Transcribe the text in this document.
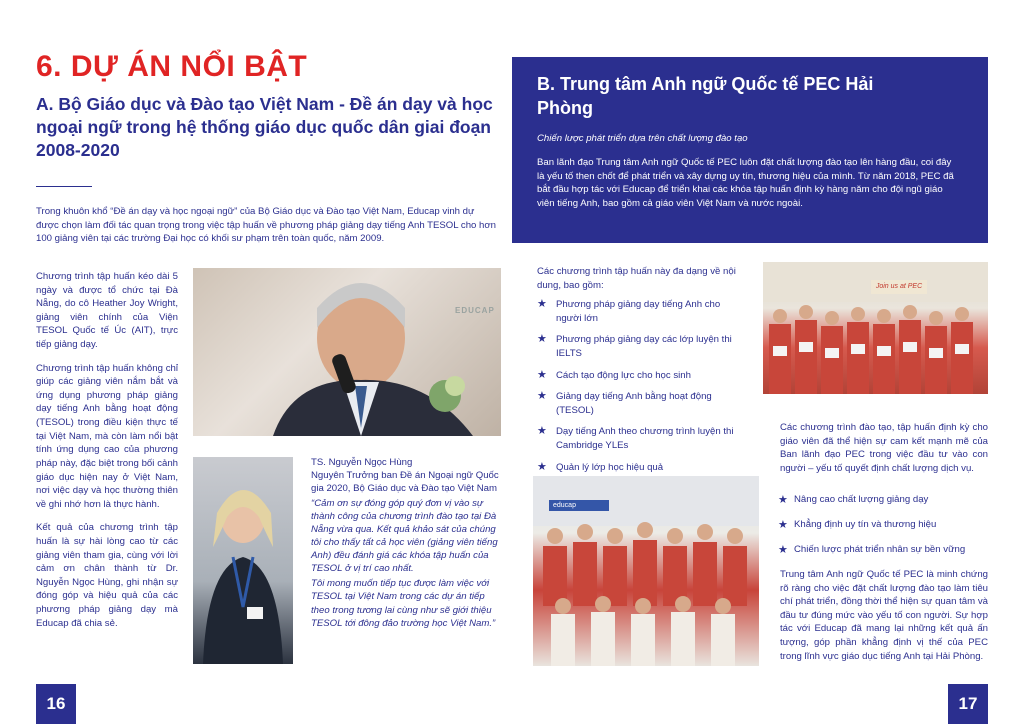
6. DỰ ÁN NỔI BẬT
A. Bộ Giáo dục và Đào tạo Việt Nam - Đề án dạy và học ngoại ngữ trong hệ thống giáo dục quốc dân giai đoạn 2008-2020
Trong khuôn khổ “Đề án dạy và học ngoại ngữ” của Bộ Giáo dục và Đào tạo Việt Nam, Educap vinh dự được chọn làm đối tác quan trọng trong việc tập huấn về phương pháp giảng dạy tiếng Anh TESOL cho hơn 100 giảng viên tại các trường Đại học có khối sư phạm trên toàn quốc, năm 2009.

Chương trình tập huấn kéo dài 5 ngày và được tổ chức tại Đà Nẵng, do cô Heather Joy Wright, giảng viên chính của Viện TESOL Quốc tế Úc (AIT), trực tiếp giảng dạy.

Chương trình tập huấn không chỉ giúp các giảng viên nắm bắt và ứng dụng phương pháp giảng dạy tiếng Anh bằng hoạt động (TESOL) trong điều kiện thực tế tại Việt Nam, mà còn làm nổi bật tính ứng dụng cao của phương pháp này, đặc biệt trong bối cảnh giáo dục hiện nay ở Việt Nam, nơi việc dạy và học thường thiên về ghi nhớ hơn là thực hành.

Kết quả của chương trình tập huấn là sự hài lòng cao từ các giảng viên tham gia, cùng với lời cảm ơn chân thành từ Dr. Nguyễn Ngọc Hùng, ghi nhận sự đóng góp và hiệu quả của các phương pháp giảng dạy mà Educap đã chia sẻ.

EDUCAP
TS. Nguyễn Ngọc Hùng
Nguyên Trưởng ban Đề án Ngoại ngữ Quốc gia 2020, Bộ Giáo dục và Đào tạo Việt Nam
“Cảm ơn sự đóng góp quý đơn vị vào sự thành công của chương trình đào tạo tại Đà Nẵng vừa qua. Kết quả khảo sát của chúng tôi cho thấy tất cả học viên (giảng viên tiếng Anh) đều đánh giá các khóa tập huấn của TESOL ở vị trí cao nhất.
Tôi mong muốn tiếp tục được làm việc với TESOL tại Việt Nam trong các dự án tiếp theo trong tương lai cùng như sẽ giới thiệu TESOL tới đông đảo trường học Việt Nam.”
16
B. Trung tâm Anh ngữ Quốc tế PEC Hải Phòng
Chiến lược phát triển dựa trên chất lượng đào tạo
Ban lãnh đạo Trung tâm Anh ngữ Quốc tế PEC luôn đặt chất lượng đào tạo lên hàng đầu, coi đây là yếu tố then chốt để phát triển và xây dựng uy tín, thương hiệu của mình. Từ năm 2018, PEC đã bắt đầu hợp tác với Educap để triển khai các khóa tập huấn định kỳ hàng năm cho đội ngũ giáo viên tiếng Anh, bao gồm cả giáo viên Việt Nam và nước ngoài.
Các chương trình tập huấn này đa dạng về nội dung, bao gồm:
★ Phương pháp giảng dạy tiếng Anh cho người lớn
★ Phương pháp giảng dạy các lớp luyện thi IELTS
★ Cách tạo động lực cho học sinh
★ Giảng dạy tiếng Anh bằng hoạt động (TESOL)
★ Dạy tiếng Anh theo chương trình luyện thi Cambridge YLEs
★ Quản lý lớp học hiệu quả
Join us at PEC
educap
Các chương trình đào tạo, tập huấn định kỳ cho giáo viên đã thể hiện sự cam kết mạnh mẽ của Ban lãnh đạo PEC trong việc đầu tư vào con người – yếu tố quyết định chất lượng dịch vụ.
★ Nâng cao chất lượng giảng dạy
★ Khẳng định uy tín và thương hiệu
★ Chiến lược phát triển nhân sự bền vững
Trung tâm Anh ngữ Quốc tế PEC là minh chứng rõ ràng cho việc đặt chất lượng đào tạo làm tiêu chí phát triển, đồng thời thể hiện sự quan tâm và đầu tư đúng mức vào yếu tố con người. Sự hợp tác với Educap đã mang lại những kết quả ấn tượng, góp phần khẳng định vị thế của PEC trong lĩnh vực giáo dục tiếng Anh tại Hải Phòng.
17
